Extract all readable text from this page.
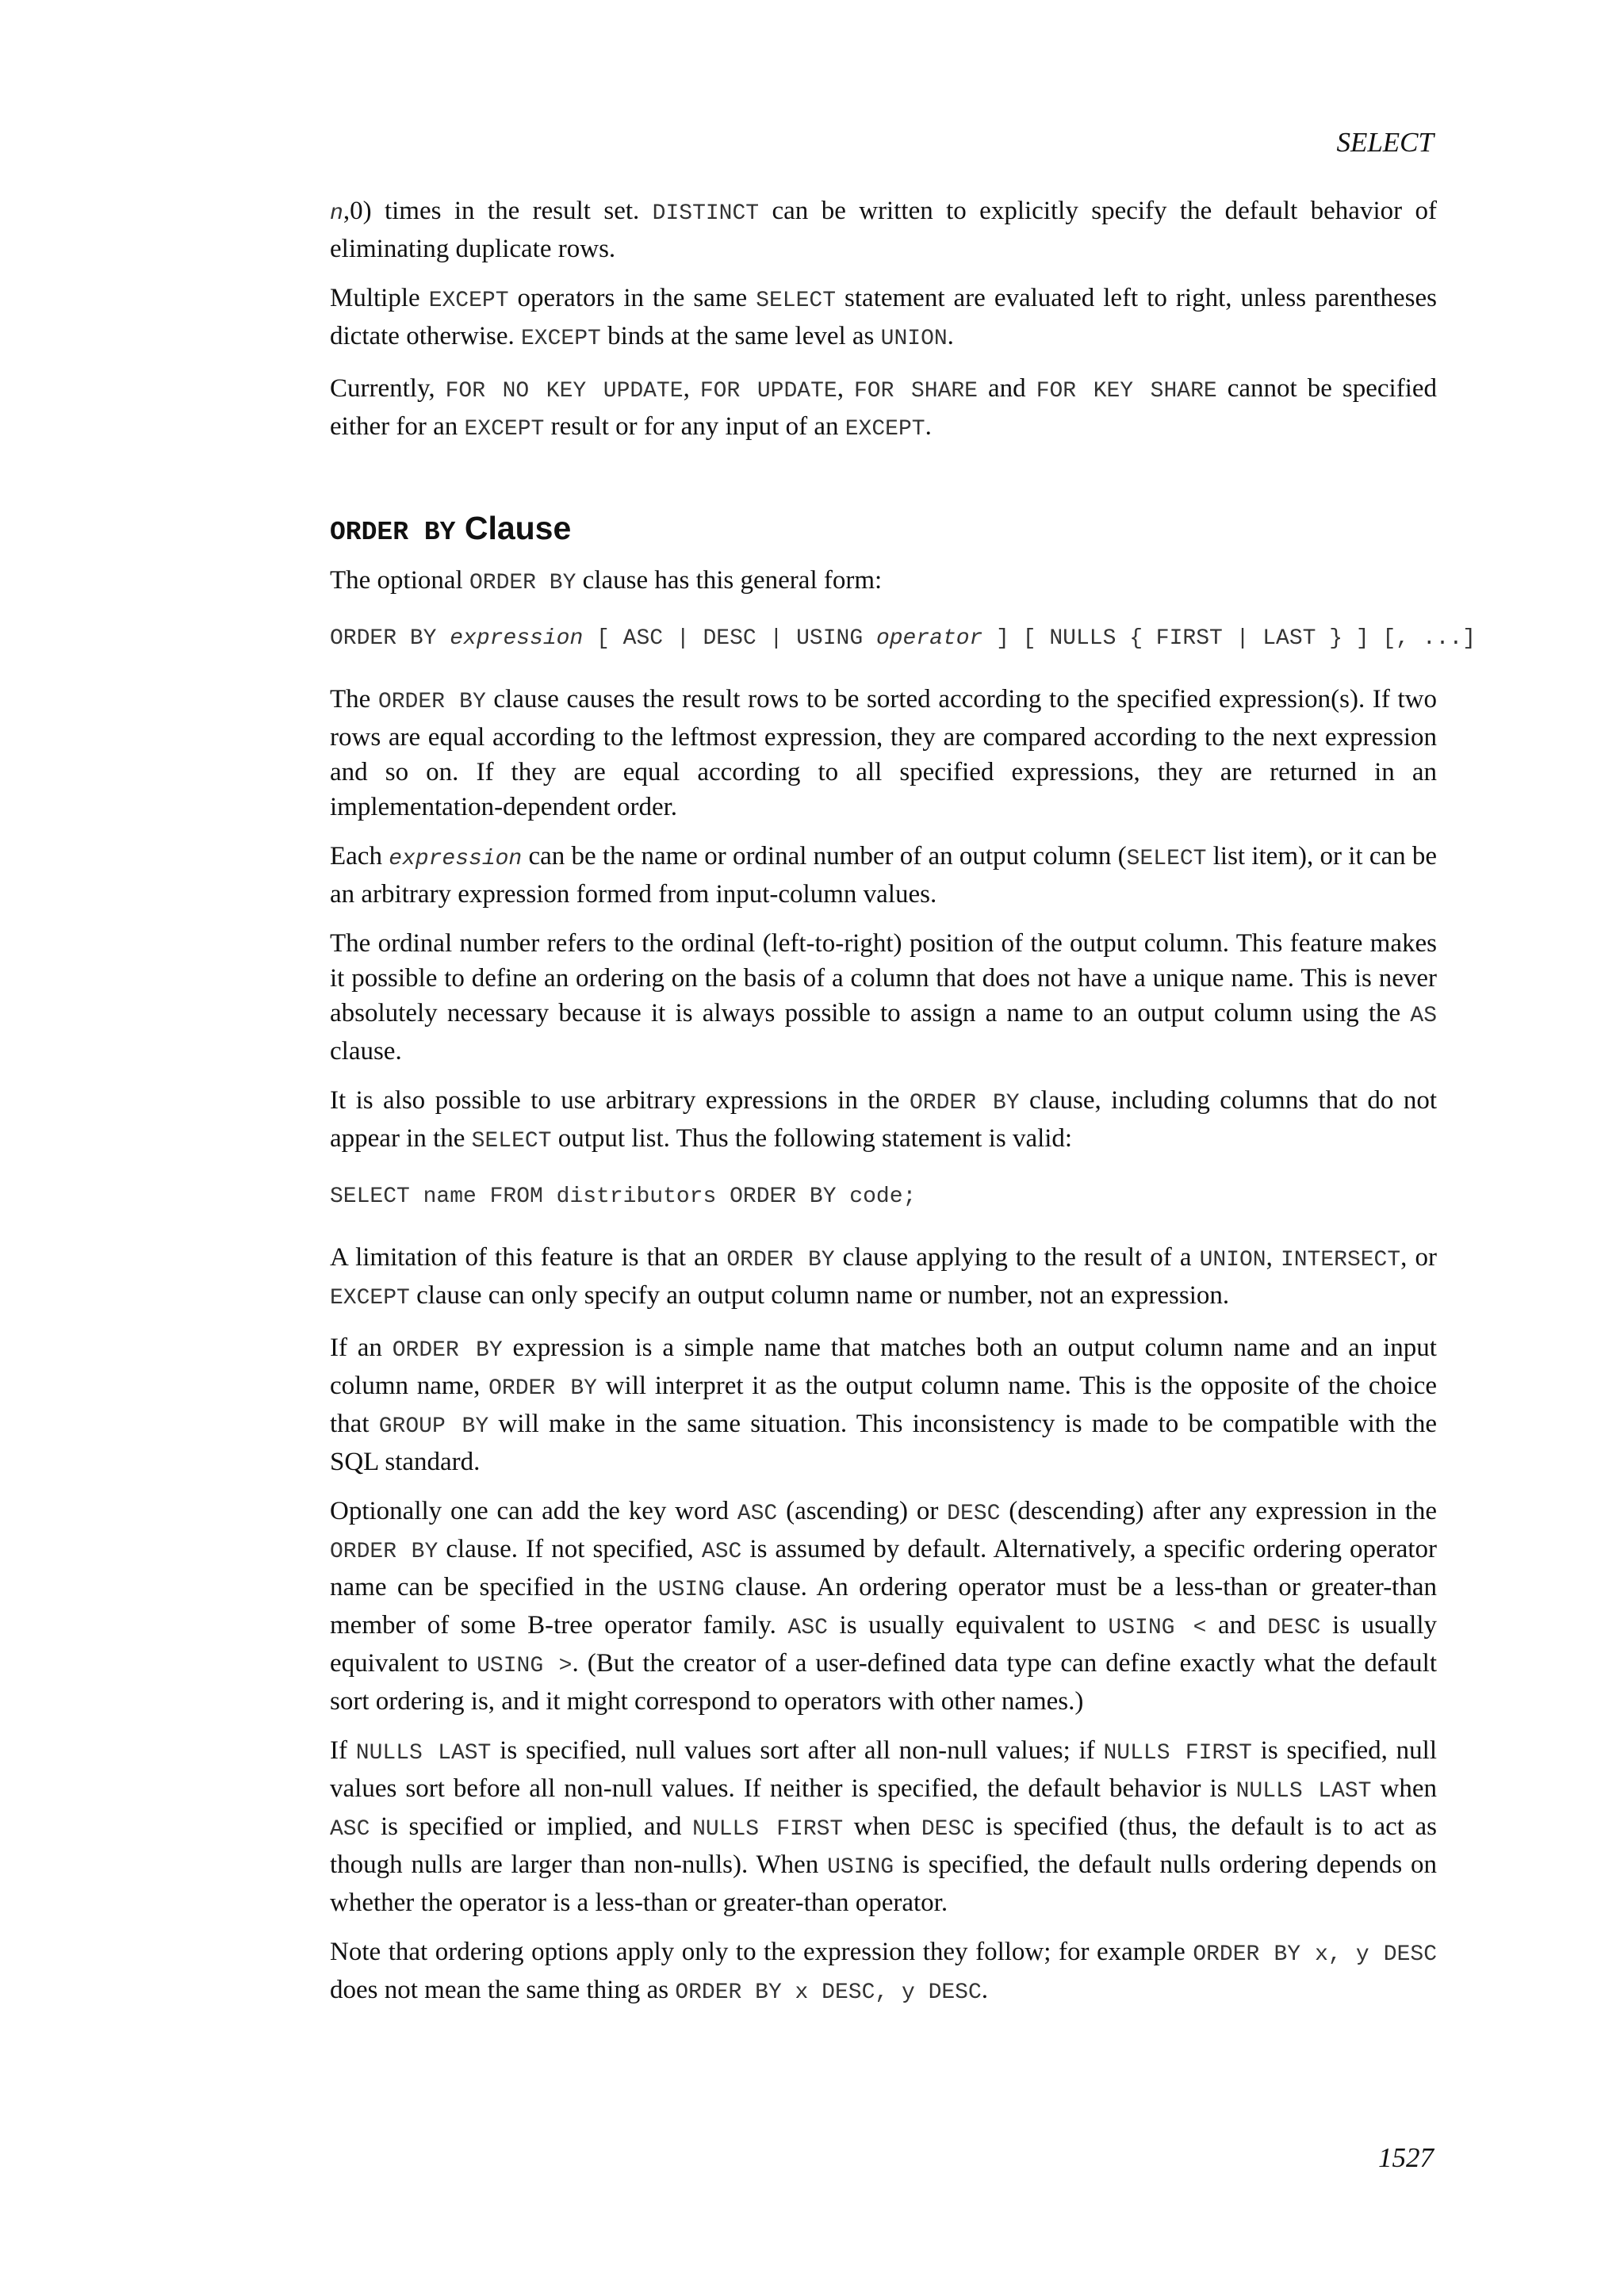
SELECT

n,0) times in the result set. DISTINCT can be written to explicitly specify the default behavior of eliminating duplicate rows.

Multiple EXCEPT operators in the same SELECT statement are evaluated left to right, unless parentheses dictate otherwise. EXCEPT binds at the same level as UNION.

Currently, FOR NO KEY UPDATE, FOR UPDATE, FOR SHARE and FOR KEY SHARE cannot be specified either for an EXCEPT result or for any input of an EXCEPT.

ORDER BY Clause

The optional ORDER BY clause has this general form:

ORDER BY expression [ ASC | DESC | USING operator ] [ NULLS { FIRST | LAST } ] [, ...]

The ORDER BY clause causes the result rows to be sorted according to the specified expression(s). If two rows are equal according to the leftmost expression, they are compared according to the next expression and so on. If they are equal according to all specified expressions, they are returned in an implementation-dependent order.

Each expression can be the name or ordinal number of an output column (SELECT list item), or it can be an arbitrary expression formed from input-column values.

The ordinal number refers to the ordinal (left-to-right) position of the output column. This feature makes it possible to define an ordering on the basis of a column that does not have a unique name. This is never absolutely necessary because it is always possible to assign a name to an output column using the AS clause.

It is also possible to use arbitrary expressions in the ORDER BY clause, including columns that do not appear in the SELECT output list. Thus the following statement is valid:

SELECT name FROM distributors ORDER BY code;

A limitation of this feature is that an ORDER BY clause applying to the result of a UNION, INTERSECT, or EXCEPT clause can only specify an output column name or number, not an expression.

If an ORDER BY expression is a simple name that matches both an output column name and an input column name, ORDER BY will interpret it as the output column name. This is the opposite of the choice that GROUP BY will make in the same situation. This inconsistency is made to be compatible with the SQL standard.

Optionally one can add the key word ASC (ascending) or DESC (descending) after any expression in the ORDER BY clause. If not specified, ASC is assumed by default. Alternatively, a specific ordering operator name can be specified in the USING clause. An ordering operator must be a less-than or greater-than member of some B-tree operator family. ASC is usually equivalent to USING < and DESC is usually equivalent to USING >. (But the creator of a user-defined data type can define exactly what the default sort ordering is, and it might correspond to operators with other names.)

If NULLS LAST is specified, null values sort after all non-null values; if NULLS FIRST is specified, null values sort before all non-null values. If neither is specified, the default behavior is NULLS LAST when ASC is specified or implied, and NULLS FIRST when DESC is specified (thus, the default is to act as though nulls are larger than non-nulls). When USING is specified, the default nulls ordering depends on whether the operator is a less-than or greater-than operator.

Note that ordering options apply only to the expression they follow; for example ORDER BY x, y DESC does not mean the same thing as ORDER BY x DESC, y DESC.

1527
